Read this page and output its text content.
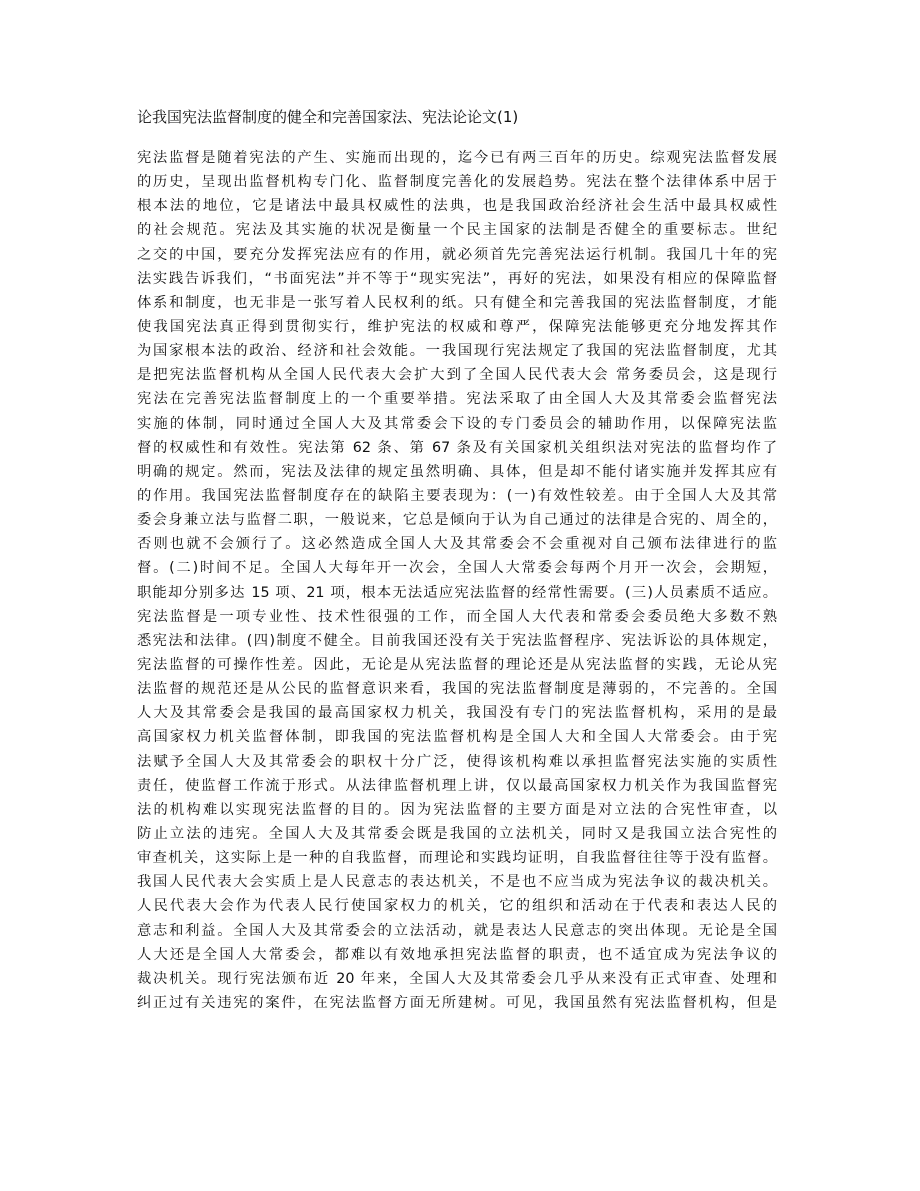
论我国宪法监督制度的健全和完善国家法、宪法论论文(1)
宪法监督是随着宪法的产生、实施而出现的，迄今已有两三百年的历史。综观宪法监督发展
的历史，呈现出监督机构专门化、监督制度完善化的发展趋势。宪法在整个法律体系中居于
根本法的地位，它是诸法中最具权威性的法典，也是我国政治经济社会生活中最具权威性
的社会规范。宪法及其实施的状况是衡量一个民主国家的法制是否健全的重要标志。世纪
之交的中国，要充分发挥宪法应有的作用，就必须首先完善宪法运行机制。我国几十年的宪
法实践告诉我们，“书面宪法”并不等于“现实宪法”，再好的宪法，如果没有相应的保障监督
体系和制度，也无非是一张写着人民权利的纸。只有健全和完善我国的宪法监督制度，才能
使我国宪法真正得到贯彻实行，维护宪法的权威和尊严，保障宪法能够更充分地发挥其作
为国家根本法的政治、经济和社会效能。一我国现行宪法规定了我国的宪法监督制度，尤其
是把宪法监督机构从全国人民代表大会扩大到了全国人民代表大会 常务委员会，这是现行
宪法在完善宪法监督制度上的一个重要举措。宪法采取了由全国人大及其常委会监督宪法
实施的体制，同时通过全国人大及其常委会下设的专门委员会的辅助作用，以保障宪法监
督的权威性和有效性。宪法第 62 条、第 67 条及有关国家机关组织法对宪法的监督均作了
明确的规定。然而，宪法及法律的规定虽然明确、具体，但是却不能付诸实施并发挥其应有
的作用。我国宪法监督制度存在的缺陷主要表现为：(一)有效性较差。由于全国人大及其常
委会身兼立法与监督二职，一般说来，它总是倾向于认为自己通过的法律是合宪的、周全的，
否则也就不会颁行了。这必然造成全国人大及其常委会不会重视对自己颁布法律进行的监
督。(二)时间不足。全国人大每年开一次会，全国人大常委会每两个月开一次会，会期短，
职能却分别多达 15 项、21 项，根本无法适应宪法监督的经常性需要。(三)人员素质不适应。
宪法监督是一项专业性、技术性很强的工作，而全国人大代表和常委会委员绝大多数不熟
悉宪法和法律。(四)制度不健全。目前我国还没有关于宪法监督程序、宪法诉讼的具体规定，
宪法监督的可操作性差。因此，无论是从宪法监督的理论还是从宪法监督的实践，无论从宪
法监督的规范还是从公民的监督意识来看，我国的宪法监督制度是薄弱的，不完善的。全国
人大及其常委会是我国的最高国家权力机关，我国没有专门的宪法监督机构，采用的是最
高国家权力机关监督体制，即我国的宪法监督机构是全国人大和全国人大常委会。由于宪
法赋予全国人大及其常委会的职权十分广泛，使得该机构难以承担监督宪法实施的实质性
责任，使监督工作流于形式。从法律监督机理上讲，仅以最高国家权力机关作为我国监督宪
法的机构难以实现宪法监督的目的。因为宪法监督的主要方面是对立法的合宪性审查，以
防止立法的违宪。全国人大及其常委会既是我国的立法机关，同时又是我国立法合宪性的
审查机关，这实际上是一种的自我监督，而理论和实践均证明，自我监督往往等于没有监督。
我国人民代表大会实质上是人民意志的表达机关，不是也不应当成为宪法争议的裁决机关。
人民代表大会作为代表人民行使国家权力的机关，它的组织和活动在于代表和表达人民的
意志和利益。全国人大及其常委会的立法活动，就是表达人民意志的突出体现。无论是全国
人大还是全国人大常委会，都难以有效地承担宪法监督的职责，也不适宜成为宪法争议的
裁决机关。现行宪法颁布近 20 年来，全国人大及其常委会几乎从来没有正式审查、处理和
纠正过有关违宪的案件，在宪法监督方面无所建树。可见，我国虽然有宪法监督机构，但是
